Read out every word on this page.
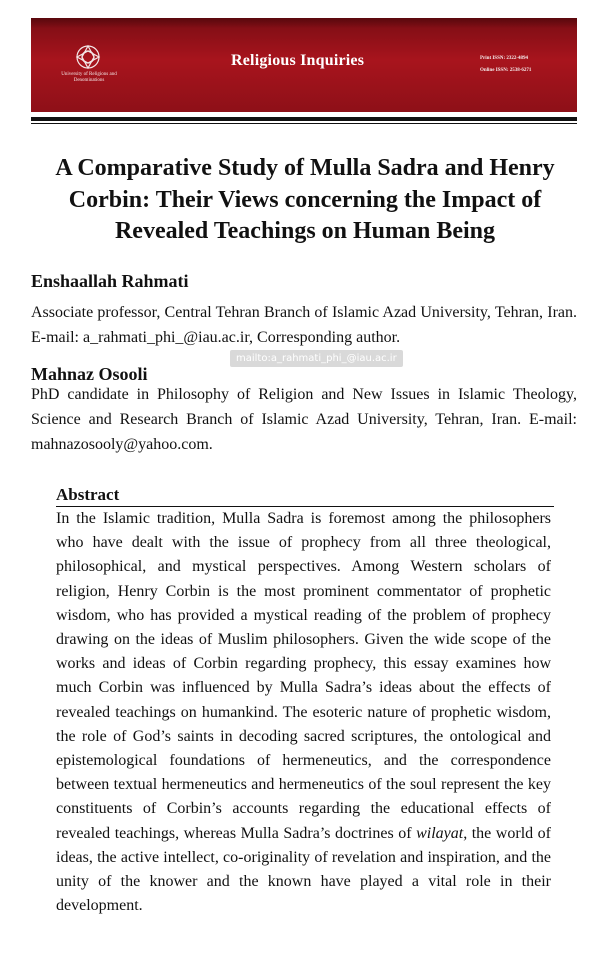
University of Religions and Denominations
Religious Inquiries	Print ISSN: 2322-4894
Online ISSN: 2538-6271
A Comparative Study of Mulla Sadra and Henry Corbin: Their Views concerning the Impact of Revealed Teachings on Human Being
Enshaallah Rahmati

Associate professor, Central Tehran Branch of Islamic Azad University, Tehran, Iran. E-mail: a_rahmati_phi_@iau.ac.ir, Corresponding author.

mailto:a_rahmati_phi_@iau.ac.ir
Mahnaz Osooli

PhD candidate in Philosophy of Religion and New Issues in Islamic Theology, Science and Research Branch of Islamic Azad University, Tehran, Iran. E-mail: mahnazosooly@yahoo.com.

Abstract

In the Islamic tradition, Mulla Sadra is foremost among the philosophers who have dealt with the issue of prophecy from all three theological, philosophical, and mystical perspectives. Among Western scholars of religion, Henry Corbin is the most prominent commentator of prophetic wisdom, who has provided a mystical reading of the problem of prophecy drawing on the ideas of Muslim philosophers. Given the wide scope of the works and ideas of Corbin regarding prophecy, this essay examines how much Corbin was influenced by Mulla Sadra’s ideas about the effects of revealed teachings on humankind. The esoteric nature of prophetic wisdom, the role of God’s saints in decoding sacred scriptures, the ontological and epistemological foundations of hermeneutics, and the correspondence between textual hermeneutics and hermeneutics of the soul represent the key constituents of Corbin’s accounts regarding the educational effects of revealed teachings, whereas Mulla Sadra’s doctrines of wilayat, the world of ideas, the active intellect, co-originality of revelation and inspiration, and the unity of the knower and the known have played a vital role in their development.
